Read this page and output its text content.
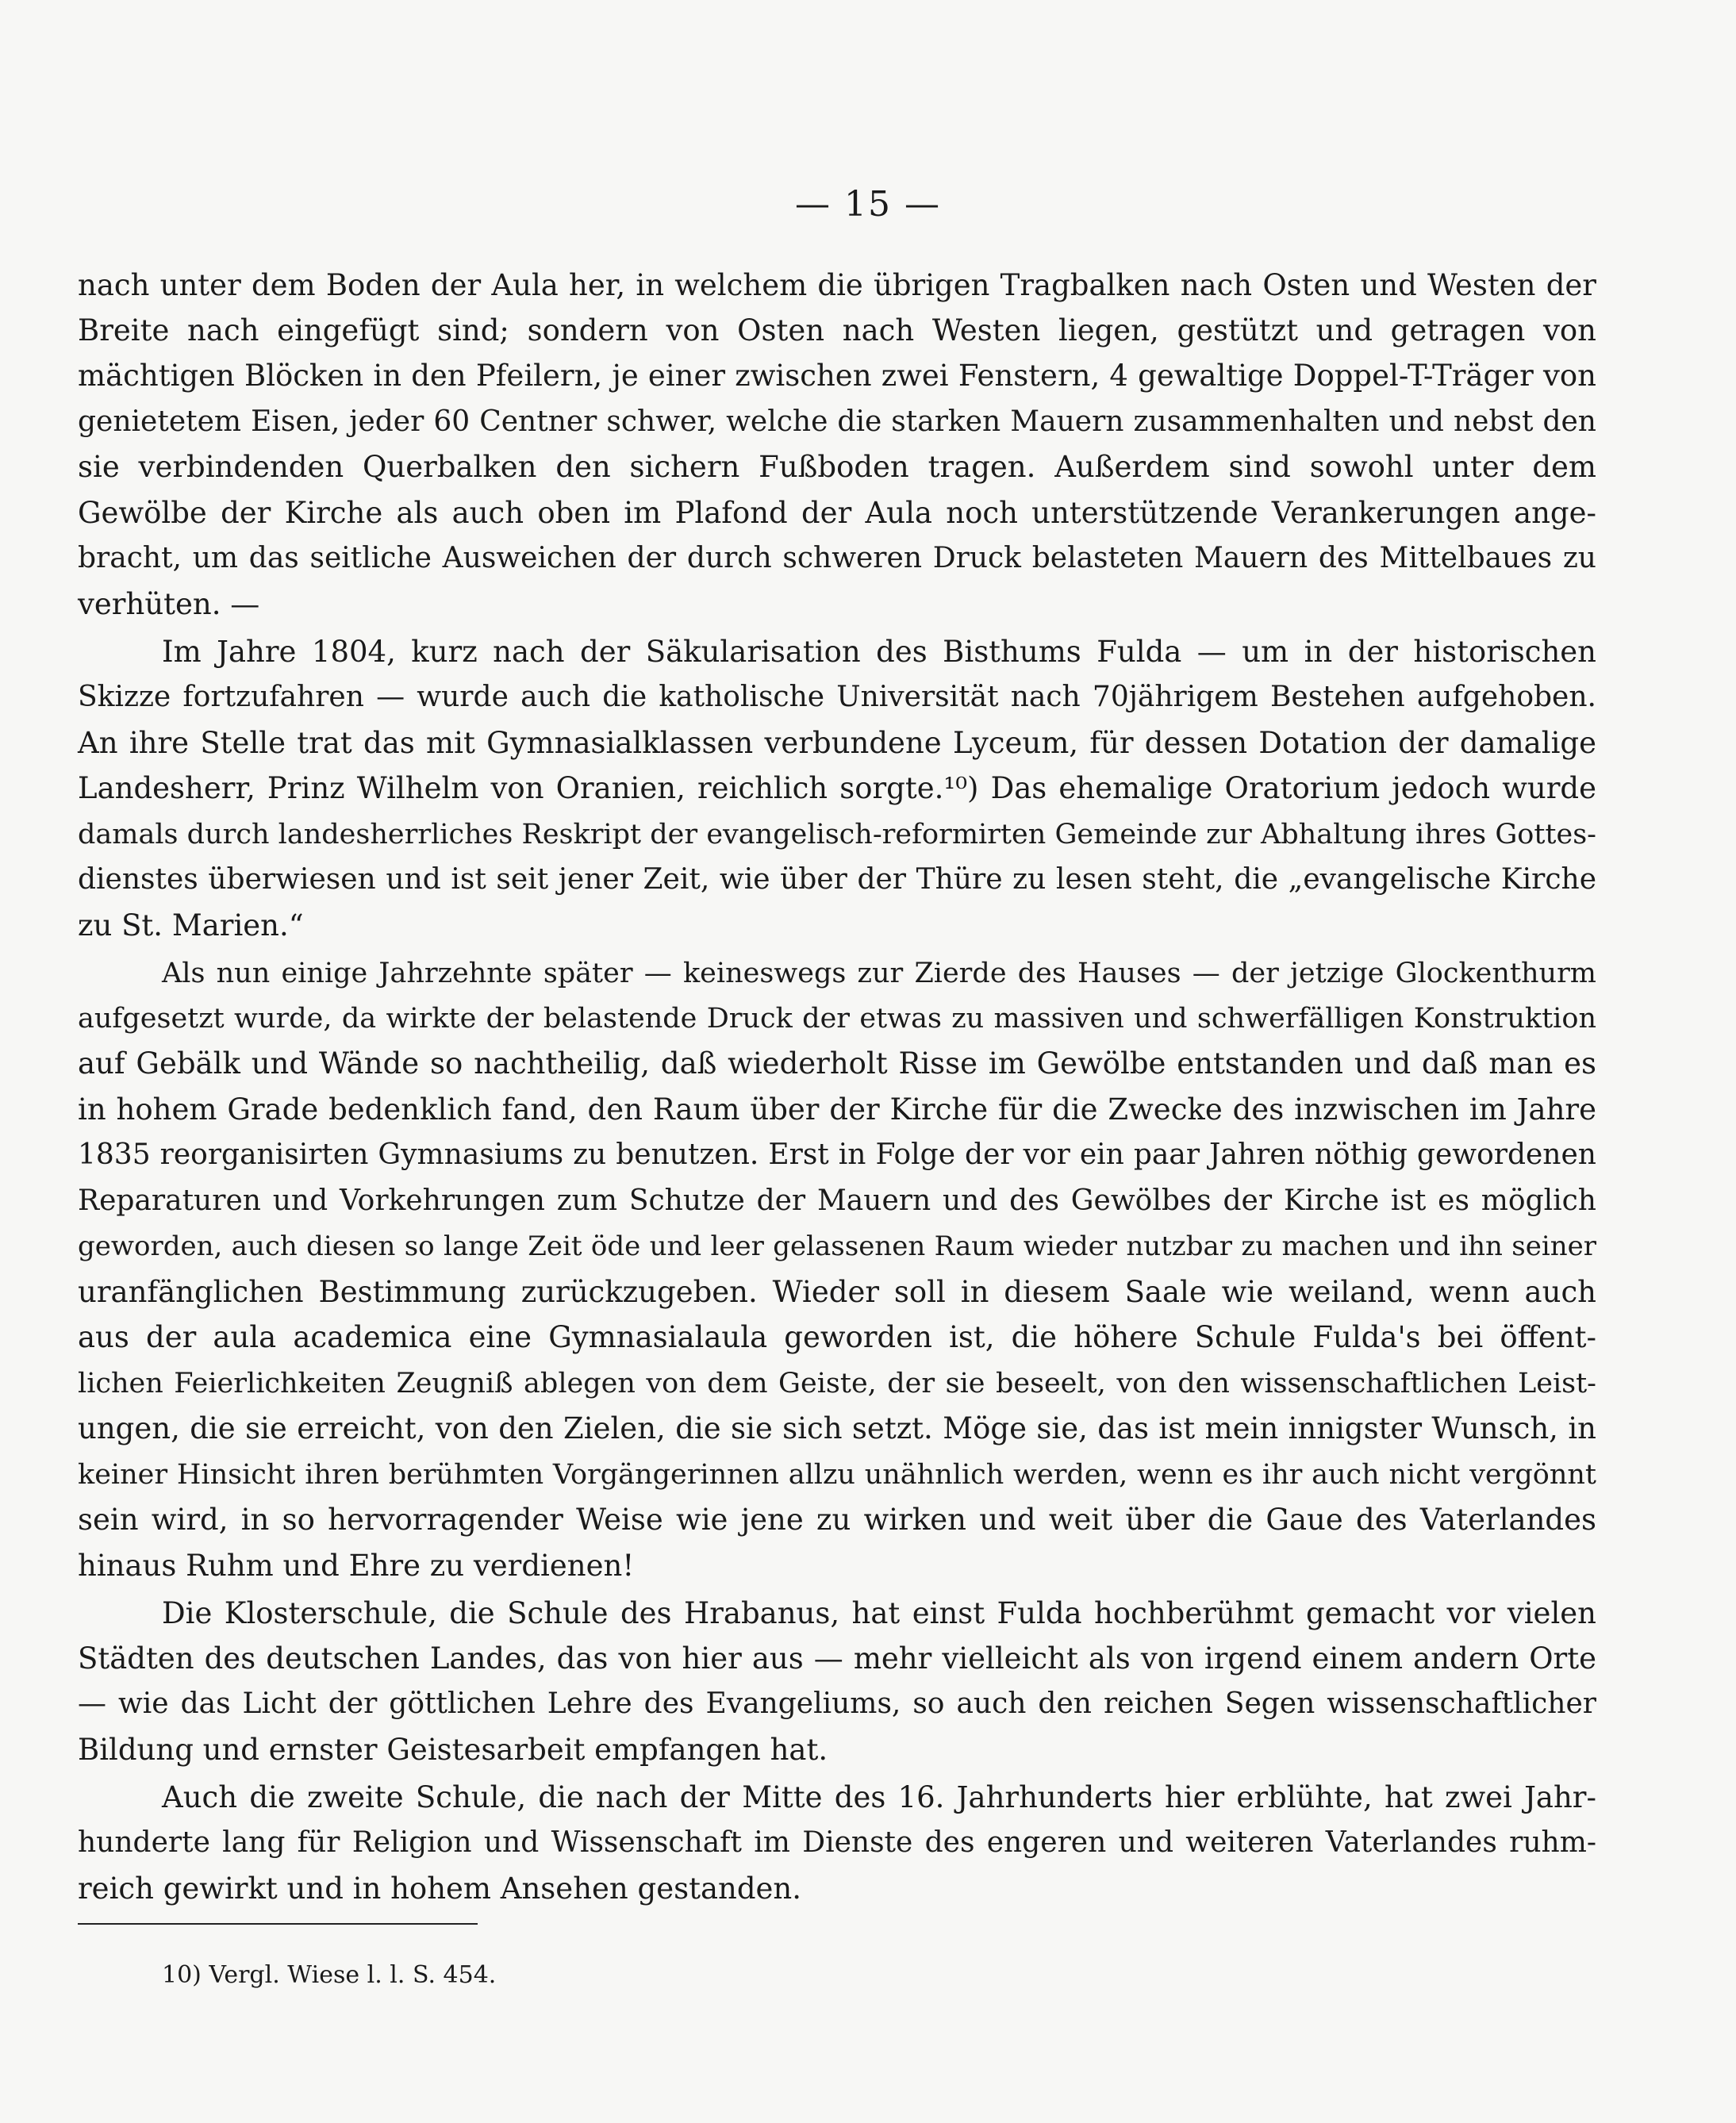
— 15 —
nach unter dem Boden der Aula her, in welchem die übrigen Tragbalken nach Osten und Westen der
Breite nach eingefügt sind; sondern von Osten nach Westen liegen, gestützt und getragen von
mächtigen Blöcken in den Pfeilern, je einer zwischen zwei Fenstern, 4 gewaltige Doppel-T-Träger von
genietetem Eisen, jeder 60 Centner schwer, welche die starken Mauern zusammenhalten und nebst den
sie verbindenden Querbalken den sichern Fußboden tragen. Außerdem sind sowohl unter dem
Gewölbe der Kirche als auch oben im Plafond der Aula noch unterstützende Verankerungen ange-
bracht, um das seitliche Ausweichen der durch schweren Druck belasteten Mauern des Mittelbaues zu
verhüten. —
Im Jahre 1804, kurz nach der Säkularisation des Bisthums Fulda — um in der historischen
Skizze fortzufahren — wurde auch die katholische Universität nach 70jährigem Bestehen aufgehoben.
An ihre Stelle trat das mit Gymnasialklassen verbundene Lyceum, für dessen Dotation der damalige
Landesherr, Prinz Wilhelm von Oranien, reichlich sorgte.¹⁰) Das ehemalige Oratorium jedoch wurde
damals durch landesherrliches Reskript der evangelisch-reformirten Gemeinde zur Abhaltung ihres Gottes-
dienstes überwiesen und ist seit jener Zeit, wie über der Thüre zu lesen steht, die „evangelische Kirche
zu St. Marien.“
Als nun einige Jahrzehnte später — keineswegs zur Zierde des Hauses — der jetzige Glockenthurm
aufgesetzt wurde, da wirkte der belastende Druck der etwas zu massiven und schwerfälligen Konstruktion
auf Gebälk und Wände so nachtheilig, daß wiederholt Risse im Gewölbe entstanden und daß man es
in hohem Grade bedenklich fand, den Raum über der Kirche für die Zwecke des inzwischen im Jahre
1835 reorganisirten Gymnasiums zu benutzen. Erst in Folge der vor ein paar Jahren nöthig gewordenen
Reparaturen und Vorkehrungen zum Schutze der Mauern und des Gewölbes der Kirche ist es möglich
geworden, auch diesen so lange Zeit öde und leer gelassenen Raum wieder nutzbar zu machen und ihn seiner
uranfänglichen Bestimmung zurückzugeben. Wieder soll in diesem Saale wie weiland, wenn auch
aus der aula academica eine Gymnasialaula geworden ist, die höhere Schule Fulda's bei öffent-
lichen Feierlichkeiten Zeugniß ablegen von dem Geiste, der sie beseelt, von den wissenschaftlichen Leist-
ungen, die sie erreicht, von den Zielen, die sie sich setzt. Möge sie, das ist mein innigster Wunsch, in
keiner Hinsicht ihren berühmten Vorgängerinnen allzu unähnlich werden, wenn es ihr auch nicht vergönnt
sein wird, in so hervorragender Weise wie jene zu wirken und weit über die Gaue des Vaterlandes
hinaus Ruhm und Ehre zu verdienen!
Die Klosterschule, die Schule des Hrabanus, hat einst Fulda hochberühmt gemacht vor vielen
Städten des deutschen Landes, das von hier aus — mehr vielleicht als von irgend einem andern Orte
— wie das Licht der göttlichen Lehre des Evangeliums, so auch den reichen Segen wissenschaftlicher
Bildung und ernster Geistesarbeit empfangen hat.
Auch die zweite Schule, die nach der Mitte des 16. Jahrhunderts hier erblühte, hat zwei Jahr-
hunderte lang für Religion und Wissenschaft im Dienste des engeren und weiteren Vaterlandes ruhm-
reich gewirkt und in hohem Ansehen gestanden.
10) Vergl. Wiese l. l. S. 454.
